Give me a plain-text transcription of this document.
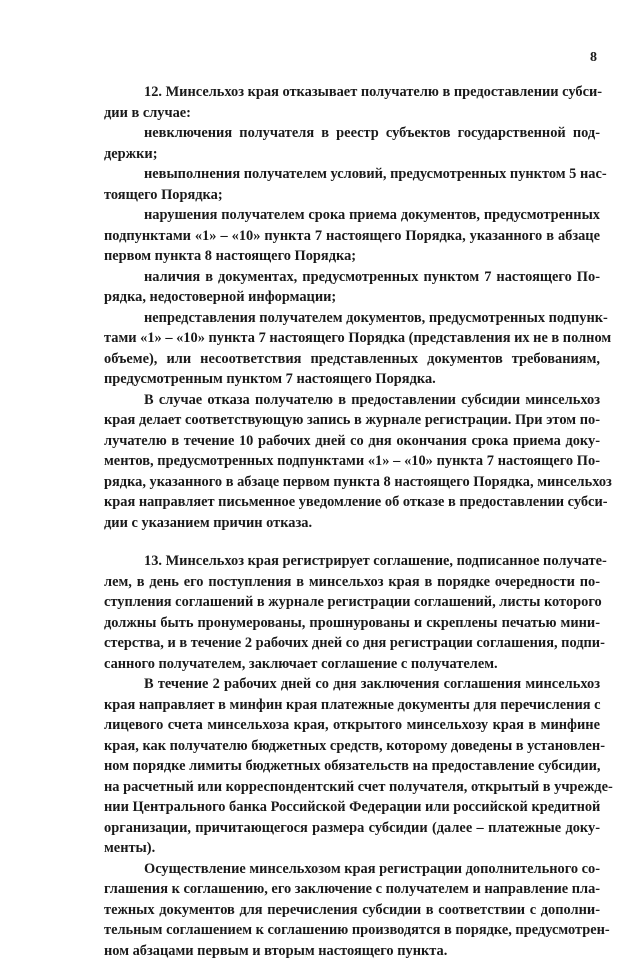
8
12. Минсельхоз края отказывает получателю в предоставлении субси-
дии в случае:
невключения получателя в реестр субъектов государственной под-
держки;
невыполнения получателем условий, предусмотренных пунктом 5 нас-
тоящего Порядка;
нарушения получателем срока приема документов, предусмотренных
подпунктами «1» – «10» пункта 7 настоящего Порядка, указанного в абзаце
первом пункта 8 настоящего Порядка;
наличия в документах, предусмотренных пунктом 7 настоящего По-
рядка, недостоверной информации;
непредставления получателем документов, предусмотренных подпунк-
тами «1» – «10» пункта 7 настоящего Порядка (представления их не в полном
объеме), или несоответствия представленных документов требованиям,
предусмотренным пунктом 7 настоящего Порядка.
В случае отказа получателю в предоставлении субсидии минсельхоз
края делает соответствующую запись в журнале регистрации. При этом по-
лучателю в течение 10 рабочих дней со дня окончания срока приема доку-
ментов, предусмотренных подпунктами «1» – «10» пункта 7 настоящего По-
рядка, указанного в абзаце первом пункта 8 настоящего Порядка, минсельхоз
края направляет письменное уведомление об отказе в предоставлении субси-
дии с указанием причин отказа.
13. Минсельхоз края регистрирует соглашение, подписанное получате-
лем, в день его поступления в минсельхоз края в порядке очередности по-
ступления соглашений в журнале регистрации соглашений, листы которого
должны быть пронумерованы, прошнурованы и скреплены печатью мини-
стерства, и в течение 2 рабочих дней со дня регистрации соглашения, подпи-
санного получателем, заключает соглашение с получателем.
В течение 2 рабочих дней со дня заключения соглашения минсельхоз
края направляет в минфин края платежные документы для перечисления с
лицевого счета минсельхоза края, открытого минсельхозу края в минфине
края, как получателю бюджетных средств, которому доведены в установлен-
ном порядке лимиты бюджетных обязательств на предоставление субсидии,
на расчетный или корреспондентский счет получателя, открытый в учрежде-
нии Центрального банка Российской Федерации или российской кредитной
организации, причитающегося размера субсидии (далее – платежные доку-
менты).
Осуществление минсельхозом края регистрации дополнительного со-
глашения к соглашению, его заключение с получателем и направление пла-
тежных документов для перечисления субсидии в соответствии с дополни-
тельным соглашением к соглашению производятся в порядке, предусмотрен-
ном абзацами первым и вторым настоящего пункта.
